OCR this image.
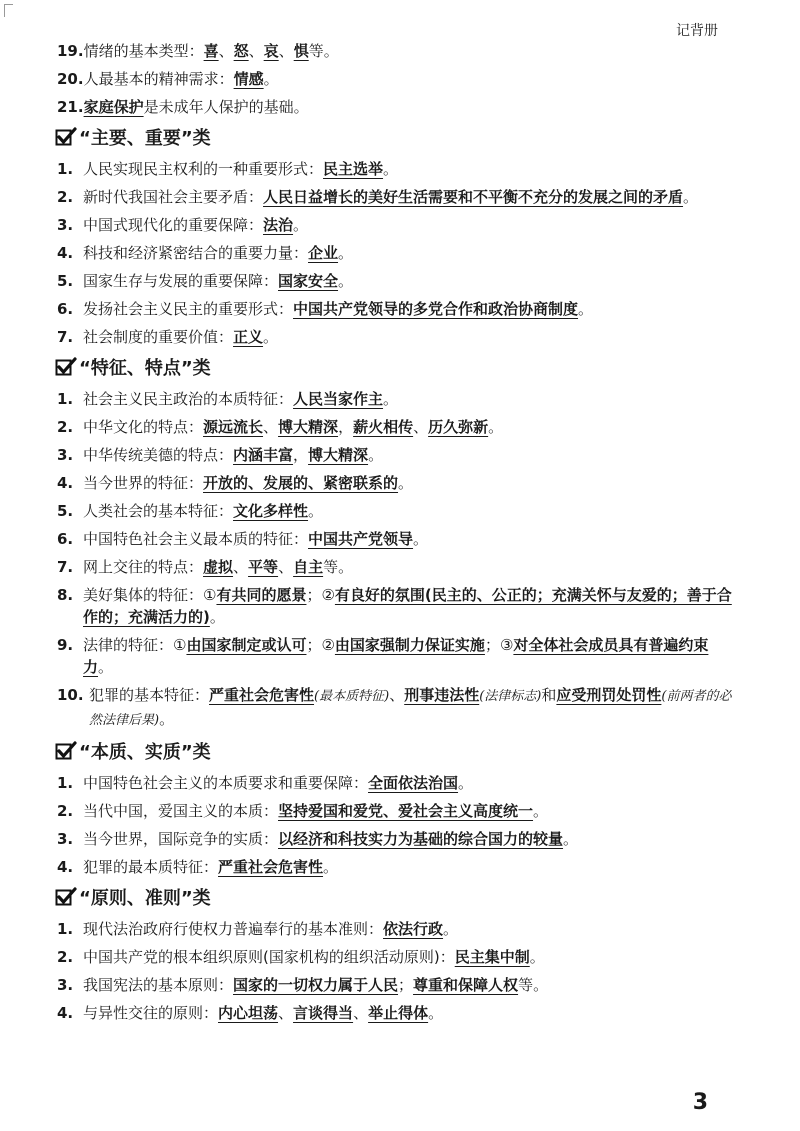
记背册
19. 情绪的基本类型：喜、怒、哀、惧等。
20. 人最基本的精神需求：情感。
21. 家庭保护是未成年人保护的基础。
“主要、重要”类
1. 人民实现民主权利的一种重要形式：民主选举。
2. 新时代我国社会主要矛盾：人民日益增长的美好生活需要和不平衡不充分的发展之间的矛盾。
3. 中国式现代化的重要保障：法治。
4. 科技和经济紧密结合的重要力量：企业。
5. 国家生存与发展的重要保障：国家安全。
6. 发扬社会主义民主的重要形式：中国共产党领导的多党合作和政治协商制度。
7. 社会制度的重要价值：正义。
“特征、特点”类
1. 社会主义民主政治的本质特征：人民当家作主。
2. 中华文化的特点：源远流长、博大精深，薪火相传、历久弥新。
3. 中华传统美德的特点：内涵丰富，博大精深。
4. 当今世界的特征：开放的、发展的、紧密联系的。
5. 人类社会的基本特征：文化多样性。
6. 中国特色社会主义最本质的特征：中国共产党领导。
7. 网上交往的特点：虚拟、平等、自主等。
8. 美好集体的特征：①有共同的愿景；②有良好的氛围(民主的、公正的；充满关怀与友爱的；善于合作的；充满活力的)。
9. 法律的特征：①由国家制定或认可；②由国家强制力保证实施；③对全体社会成员具有普遍约束力。
10. 犯罪的基本特征：严重社会危害性(最本质特征)、刑事违法性(法律标志)和应受刑罚处罚性(前两者的必然法律后果)。
“本质、实质”类
1. 中国特色社会主义的本质要求和重要保障：全面依法治国。
2. 当代中国，爱国主义的本质：坚持爱国和爱党、爱社会主义高度统一。
3. 当今世界，国际竞争的实质：以经济和科技实力为基础的综合国力的较量。
4. 犯罪的最本质特征：严重社会危害性。
“原则、准则”类
1. 现代法治政府行使权力普遍奉行的基本准则：依法行政。
2. 中国共产党的根本组织原则(国家机构的组织活动原则)：民主集中制。
3. 我国宪法的基本原则：国家的一切权力属于人民；尊重和保障人权等。
4. 与异性交往的原则：内心坦荡、言谈得当、举止得体。
3
